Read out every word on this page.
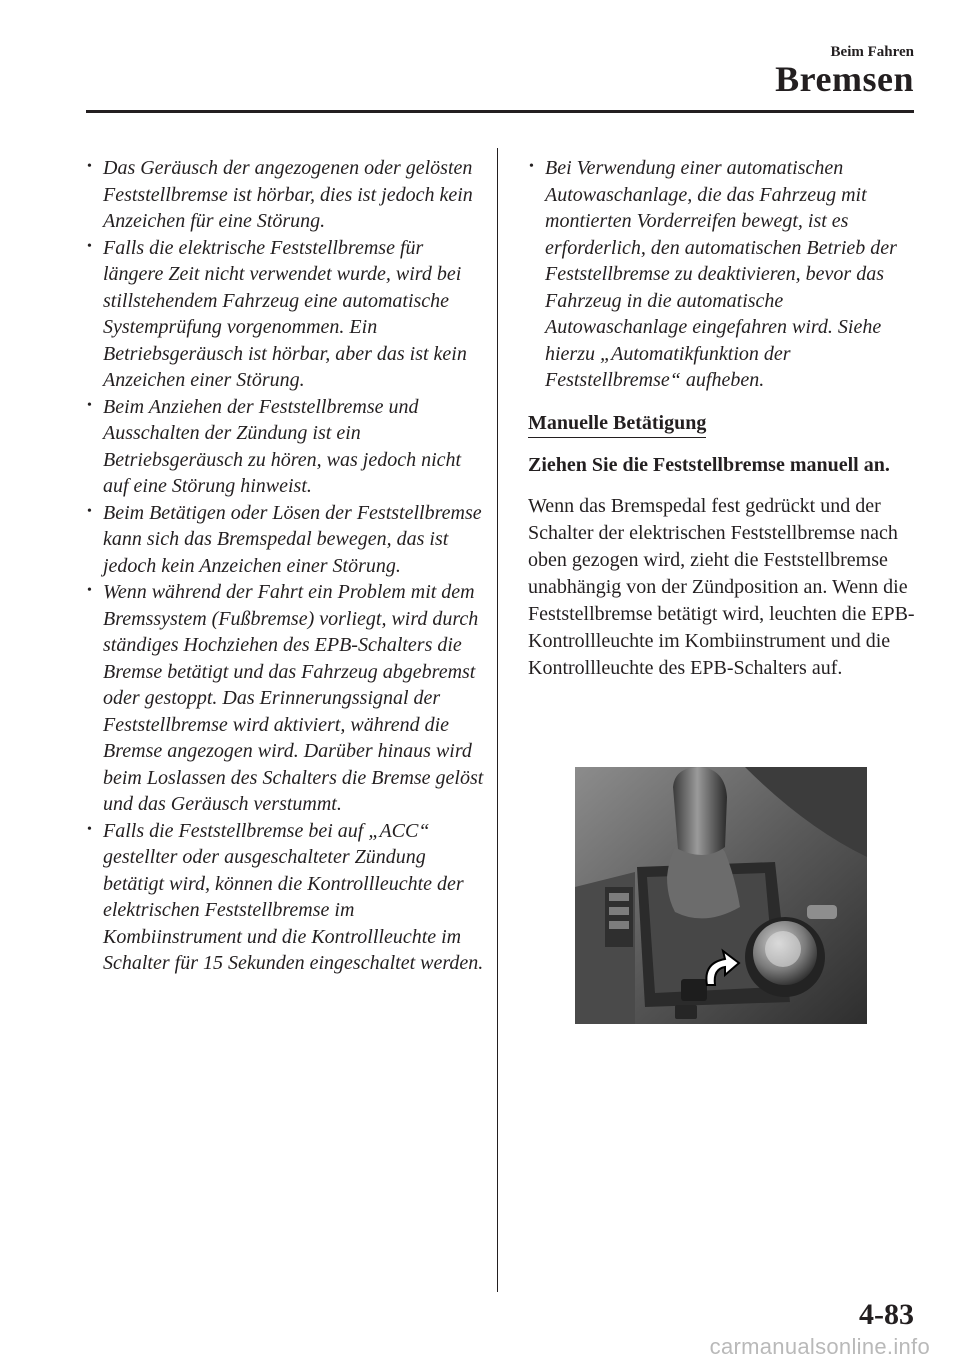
Beim Fahren
Bremsen
• Das Geräusch der angezogenen oder gelösten Feststellbremse ist hörbar, dies ist jedoch kein Anzeichen für eine Störung.
• Falls die elektrische Feststellbremse für längere Zeit nicht verwendet wurde, wird bei stillstehendem Fahrzeug eine automatische Systemprüfung vorgenommen. Ein Betriebsgeräusch ist hörbar, aber das ist kein Anzeichen einer Störung.
• Beim Anziehen der Feststellbremse und Ausschalten der Zündung ist ein Betriebsgeräusch zu hören, was jedoch nicht auf eine Störung hinweist.
• Beim Betätigen oder Lösen der Feststellbremse kann sich das Bremspedal bewegen, das ist jedoch kein Anzeichen einer Störung.
• Wenn während der Fahrt ein Problem mit dem Bremssystem (Fußbremse) vorliegt, wird durch ständiges Hochziehen des EPB-Schalters die Bremse betätigt und das Fahrzeug abgebremst oder gestoppt. Das Erinnerungssignal der Feststellbremse wird aktiviert, während die Bremse angezogen wird. Darüber hinaus wird beim Loslassen des Schalters die Bremse gelöst und das Geräusch verstummt.
• Falls die Feststellbremse bei auf „ACC“ gestellter oder ausgeschalteter Zündung betätigt wird, können die Kontrollleuchte der elektrischen Feststellbremse im Kombiinstrument und die Kontrollleuchte im Schalter für 15 Sekunden eingeschaltet werden.
• Bei Verwendung einer automatischen Autowaschanlage, die das Fahrzeug mit montierten Vorderreifen bewegt, ist es erforderlich, den automatischen Betrieb der Feststellbremse zu deaktivieren, bevor das Fahrzeug in die automatische Autowaschanlage eingefahren wird. Siehe hierzu „Automatikfunktion der Feststellbremse“ aufheben.
Manuelle Betätigung

Ziehen Sie die Feststellbremse manuell an.

Wenn das Bremspedal fest gedrückt und der Schalter der elektrischen Feststellbremse nach oben gezogen wird, zieht die Feststellbremse unabhängig von der Zündposition an. Wenn die Feststellbremse betätigt wird, leuchten die EPB-Kontrollleuchte im Kombiinstrument und die Kontrollleuchte des EPB-Schalters auf.

4-83
carmanualsonline.info
